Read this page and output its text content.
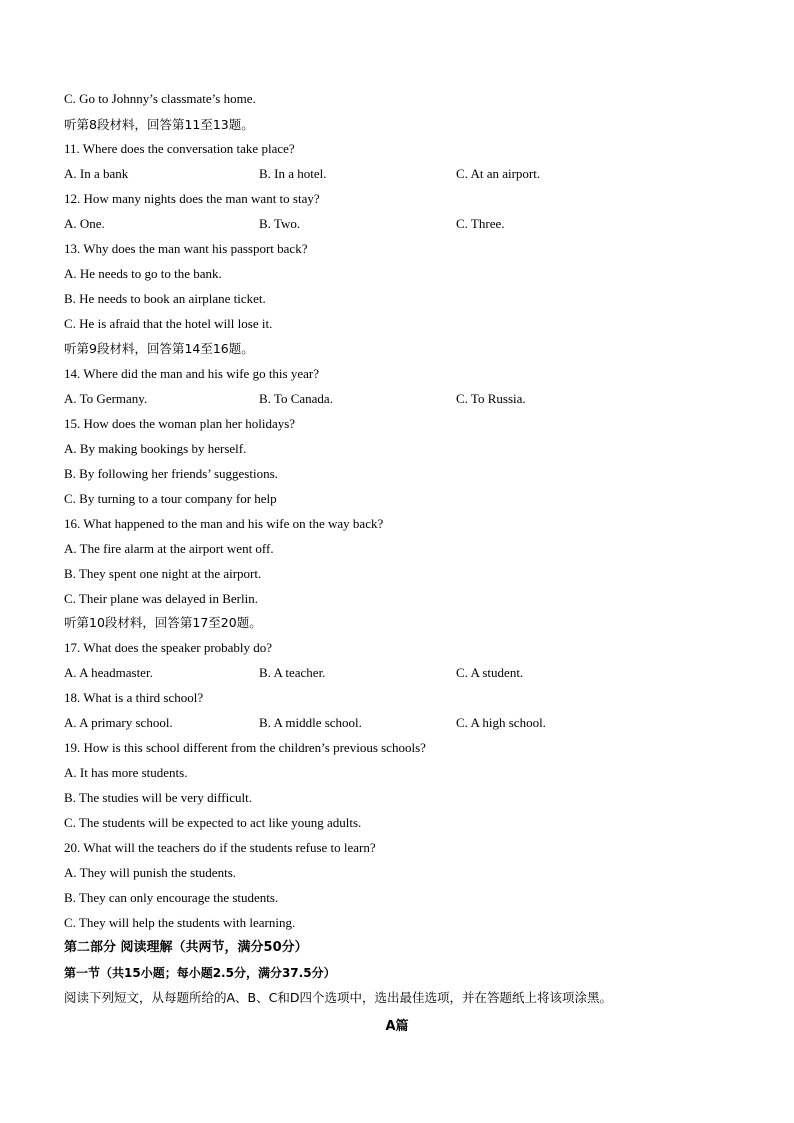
C. Go to Johnny’s classmate’s home.
听第8段材料，回答第11至13题。
11. Where does the conversation take place?
A. In a bank	B. In a hotel.	C. At an airport.
12. How many nights does the man want to stay?
A. One.	B. Two.	C. Three.
13. Why does the man want his passport back?
A. He needs to go to the bank.
B. He needs to book an airplane ticket.
C. He is afraid that the hotel will lose it.
听第9段材料，回答第14至16题。
14. Where did the man and his wife go this year?
A. To Germany.	B. To Canada.	C. To Russia.
15. How does the woman plan her holidays?
A. By making bookings by herself.
B. By following her friends’ suggestions.
C. By turning to a tour company for help
16. What happened to the man and his wife on the way back?
A. The fire alarm at the airport went off.
B. They spent one night at the airport.
C. Their plane was delayed in Berlin.
听第10段材料，回答第17至20题。
17. What does the speaker probably do?
A. A headmaster.	B. A teacher.	C. A student.
18. What is a third school?
A. A primary school.	B. A middle school.	C. A high school.
19. How is this school different from the children’s previous schools?
A. It has more students.
B. The studies will be very difficult.
C. The students will be expected to act like young adults.
20. What will the teachers do if the students refuse to learn?
A. They will punish the students.
B. They can only encourage the students.
C. They will help the students with learning.
第二部分 阅读理解（共两节，满分50分）
第一节（共15小题；每小题2.5分，满分37.5分）
阅读下列短文，从每题所给的A、B、C和D四个选项中，选出最佳选项，并在答题纸上将该项涂黑。
A篇
